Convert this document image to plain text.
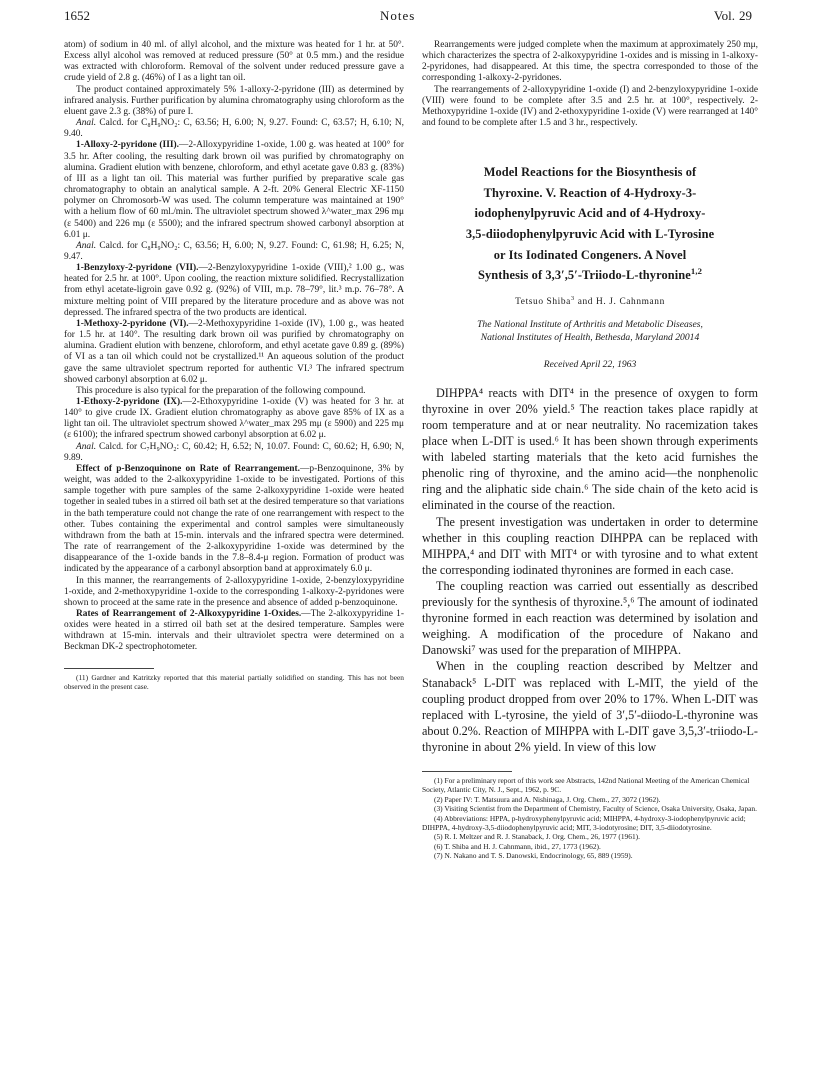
1652	Notes	Vol. 29

atom) of sodium in 40 ml. of allyl alcohol, and the mixture was heated for 1 hr. at 50°. Excess allyl alcohol was removed at reduced pressure (50° at 0.5 mm.) and the residue was extracted with chloroform. Removal of the solvent under reduced pressure gave a crude yield of 2.8 g. (46%) of I as a light tan oil.

The product contained approximately 5% 1-alloxy-2-pyridone (III) as determined by infrared analysis. Further purification by alumina chromatography using chloroform as the eluent gave 2.3 g. (38%) of pure I.

Anal. Calcd. for C₈H₉NO₂: C, 63.56; H, 6.00; N, 9.27. Found: C, 63.57; H, 6.10; N, 9.40.

1-Alloxy-2-pyridone (III).—2-Alloxypyridine 1-oxide, 1.00 g. was heated at 100° for 3.5 hr. After cooling, the resulting dark brown oil was purified by chromatography on alumina. Gradient elution with benzene, chloroform, and ethyl acetate gave 0.83 g. (83%) of III as a light tan oil. This material was further purified by preparative scale gas chromatography to obtain an analytical sample. A 2-ft. 20% General Electric XF-1150 polymer on Chromosorb-W was used. The column temperature was maintained at 190° with a helium flow of 60 ml./min. The ultraviolet spectrum showed λ^water_max 296 mμ (ε 5400) and 226 mμ (ε 5500); and the infrared spectrum showed carbonyl absorption at 6.01 μ.

Anal. Calcd. for C₈H₉NO₂: C, 63.56; H, 6.00; N, 9.27. Found: C, 61.98; H, 6.25; N, 9.47.

1-Benzyloxy-2-pyridone (VII).—2-Benzyloxypyridine 1-oxide (VIII),² 1.00 g., was heated for 2.5 hr. at 100°. Upon cooling, the reaction mixture solidified. Recrystallization from ethyl acetate-ligroin gave 0.92 g. (92%) of VIII, m.p. 78–79°, lit.³ m.p. 76–78°. A mixture melting point of VIII prepared by the literature procedure and as above was not depressed. The infrared spectra of the two products are identical.

1-Methoxy-2-pyridone (VI).—2-Methoxypyridine 1-oxide (IV), 1.00 g., was heated for 1.5 hr. at 140°. The resulting dark brown oil was purified by chromatography on alumina. Gradient elution with benzene, chloroform, and ethyl acetate gave 0.89 g. (89%) of VI as a tan oil which could not be crystallized.¹¹ An aqueous solution of the product gave the same ultraviolet spectrum reported for authentic VI.³ The infrared spectrum showed carbonyl absorption at 6.02 μ.

This procedure is also typical for the preparation of the following compound.

1-Ethoxy-2-pyridone (IX).—2-Ethoxypyridine 1-oxide (V) was heated for 3 hr. at 140° to give crude IX. Gradient elution chromatography as above gave 85% of IX as a light tan oil. The ultraviolet spectrum showed λ^water_max 295 mμ (ε 5900) and 225 mμ (ε 6100); the infrared spectrum showed carbonyl absorption at 6.02 μ.

Anal. Calcd. for C₇H₉NO₂: C, 60.42; H, 6.52; N, 10.07. Found: C, 60.62; H, 6.90; N, 9.89.

Effect of p-Benzoquinone on Rate of Rearrangement.—p-Benzoquinone, 3% by weight, was added to the 2-alkoxypyridine 1-oxide to be investigated. Portions of this sample together with pure samples of the same 2-alkoxypyridine 1-oxide were heated together in sealed tubes in a stirred oil bath set at the desired temperature so that variations in the bath temperature could not change the rate of one rearrangement with respect to the other. Tubes containing the experimental and control samples were simultaneously withdrawn from the bath at 15-min. intervals and the infrared spectra were determined. The rate of rearrangement of the 2-alkoxypyridine 1-oxide was determined by the disappearance of the 1-oxide bands in the 7.8–8.4-μ region. Formation of product was indicated by the appearance of a carbonyl absorption band at approximately 6.0 μ.

In this manner, the rearrangements of 2-alloxypyridine 1-oxide, 2-benzyloxypyridine 1-oxide, and 2-methoxypyridine 1-oxide to the corresponding 1-alkoxy-2-pyridones were shown to proceed at the same rate in the presence and absence of added p-benzoquinone.

Rates of Rearrangement of 2-Alkoxypyridine 1-Oxides.—The 2-alkoxypyridine 1-oxides were heated in a stirred oil bath set at the desired temperature. Samples were withdrawn at 15-min. intervals and their ultraviolet spectra were determined on a Beckman DK-2 spectrophotometer.

(11) Gardner and Katritzky reported that this material partially solidified on standing. This has not been observed in the present case.

Rearrangements were judged complete when the maximum at approximately 250 mμ, which characterizes the spectra of 2-alkoxypyridine 1-oxides and is missing in 1-alkoxy-2-pyridones, had disappeared. At this time, the spectra corresponded to those of the corresponding 1-alkoxy-2-pyridones.

The rearrangements of 2-alloxypyridine 1-oxide (I) and 2-benzyloxypyridine 1-oxide (VIII) were found to be complete after 3.5 and 2.5 hr. at 100°, respectively. 2-Methoxypyridine 1-oxide (IV) and 2-ethoxypyridine 1-oxide (V) were rearranged at 140° and found to be complete after 1.5 and 3 hr., respectively.

Model Reactions for the Biosynthesis of
Thyroxine. V. Reaction of 4-Hydroxy-3-
iodophenylpyruvic Acid and of 4-Hydroxy-
3,5-diiodophenylpyruvic Acid with L-Tyrosine
or Its Iodinated Congeners. A Novel
Synthesis of 3,3′,5′-Triiodo-L-thyronine$^{1,2}$
Tetsuo Shiba$^3$ and H. J. Cahnmann
The National Institute of Arthritis and Metabolic Diseases,
National Institutes of Health, Bethesda, Maryland 20014
Received April 22, 1963

DIHPPA⁴ reacts with DIT⁴ in the presence of oxygen to form thyroxine in over 20% yield.⁵ The reaction takes place rapidly at room temperature and at or near neutrality. No racemization takes place when L-DIT is used.⁶ It has been shown through experiments with labeled starting materials that the keto acid furnishes the phenolic ring of thyroxine, and the amino acid—the nonphenolic ring and the aliphatic side chain.⁶ The side chain of the keto acid is eliminated in the course of the reaction.

The present investigation was undertaken in order to determine whether in this coupling reaction DIHPPA can be replaced with MIHPPA,⁴ and DIT with MIT⁴ or with tyrosine and to what extent the corresponding iodinated thyronines are formed in each case.

The coupling reaction was carried out essentially as described previously for the synthesis of thyroxine.⁵,⁶ The amount of iodinated thyronine formed in each reaction was determined by isolation and weighing. A modification of the procedure of Nakano and Danowski⁷ was used for the preparation of MIHPPA.

When in the coupling reaction described by Meltzer and Stanaback⁵ L-DIT was replaced with L-MIT, the yield of the coupling product dropped from over 20% to 17%. When L-DIT was replaced with L-tyrosine, the yield of 3′,5′-diiodo-L-thyronine was about 0.2%. Reaction of MIHPPA with L-DIT gave 3,5,3′-triiodo-L-thyronine in about 2% yield. In view of this low

(1) For a preliminary report of this work see Abstracts, 142nd National Meeting of the American Chemical Society, Atlantic City, N. J., Sept., 1962, p. 9C.

(2) Paper IV: T. Matsuura and A. Nishinaga, J. Org. Chem., 27, 3072 (1962).

(3) Visiting Scientist from the Department of Chemistry, Faculty of Science, Osaka University, Osaka, Japan.

(4) Abbreviations: HPPA, p-hydroxyphenylpyruvic acid; MIHPPA, 4-hydroxy-3-iodophenylpyruvic acid; DIHPPA, 4-hydroxy-3,5-diiodophenylpyruvic acid; MIT, 3-iodotyrosine; DIT, 3,5-diiodotyrosine.

(5) R. I. Meltzer and R. J. Stanaback, J. Org. Chem., 26, 1977 (1961).

(6) T. Shiba and H. J. Cahnmann, ibid., 27, 1773 (1962).

(7) N. Nakano and T. S. Danowski, Endocrinology, 65, 889 (1959).
